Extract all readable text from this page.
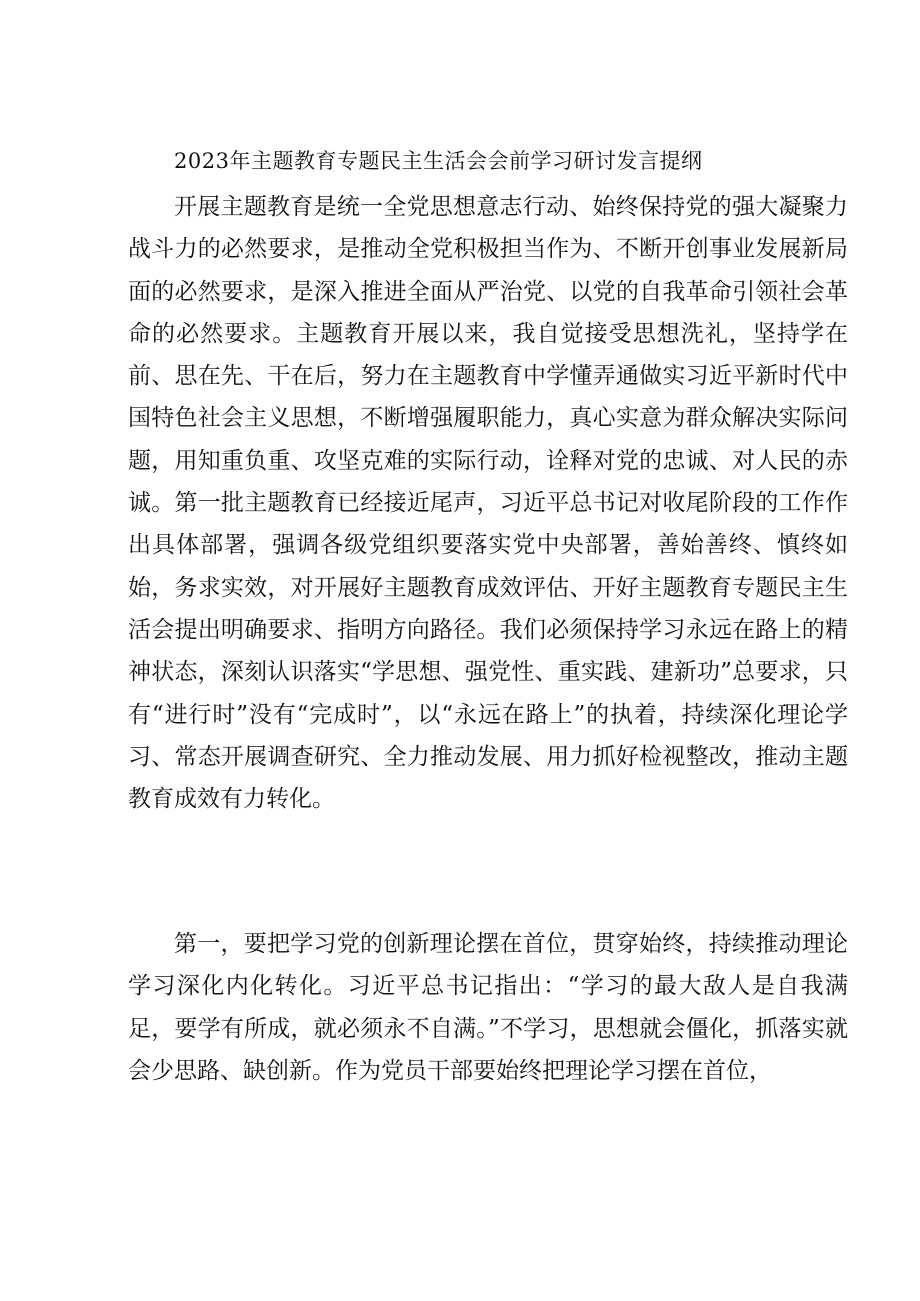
2023年主题教育专题民主生活会会前学习研讨发言提纲

开展主题教育是统一全党思想意志行动、始终保持党的强大凝聚力战斗力的必然要求，是推动全党积极担当作为、不断开创事业发展新局面的必然要求，是深入推进全面从严治党、以党的自我革命引领社会革命的必然要求。主题教育开展以来，我自觉接受思想洗礼，坚持学在前、思在先、干在后，努力在主题教育中学懂弄通做实习近平新时代中国特色社会主义思想，不断增强履职能力，真心实意为群众解决实际问题，用知重负重、攻坚克难的实际行动，诠释对党的忠诚、对人民的赤诚。第一批主题教育已经接近尾声，习近平总书记对收尾阶段的工作作出具体部署，强调各级党组织要落实党中央部署，善始善终、慎终如始，务求实效，对开展好主题教育成效评估、开好主题教育专题民主生活会提出明确要求、指明方向路径。我们必须保持学习永远在路上的精神状态，深刻认识落实“学思想、强党性、重实践、建新功”总要求，只有“进行时”没有“完成时”，以“永远在路上”的执着，持续深化理论学习、常态开展调查研究、全力推动发展、用力抓好检视整改，推动主题教育成效有力转化。

第一，要把学习党的创新理论摆在首位，贯穿始终，持续推动理论学习深化内化转化。习近平总书记指出：“学习的最大敌人是自我满足，要学有所成，就必须永不自满。”不学习，思想就会僵化，抓落实就会少思路、缺创新。作为党员干部要始终把理论学习摆在首位，
